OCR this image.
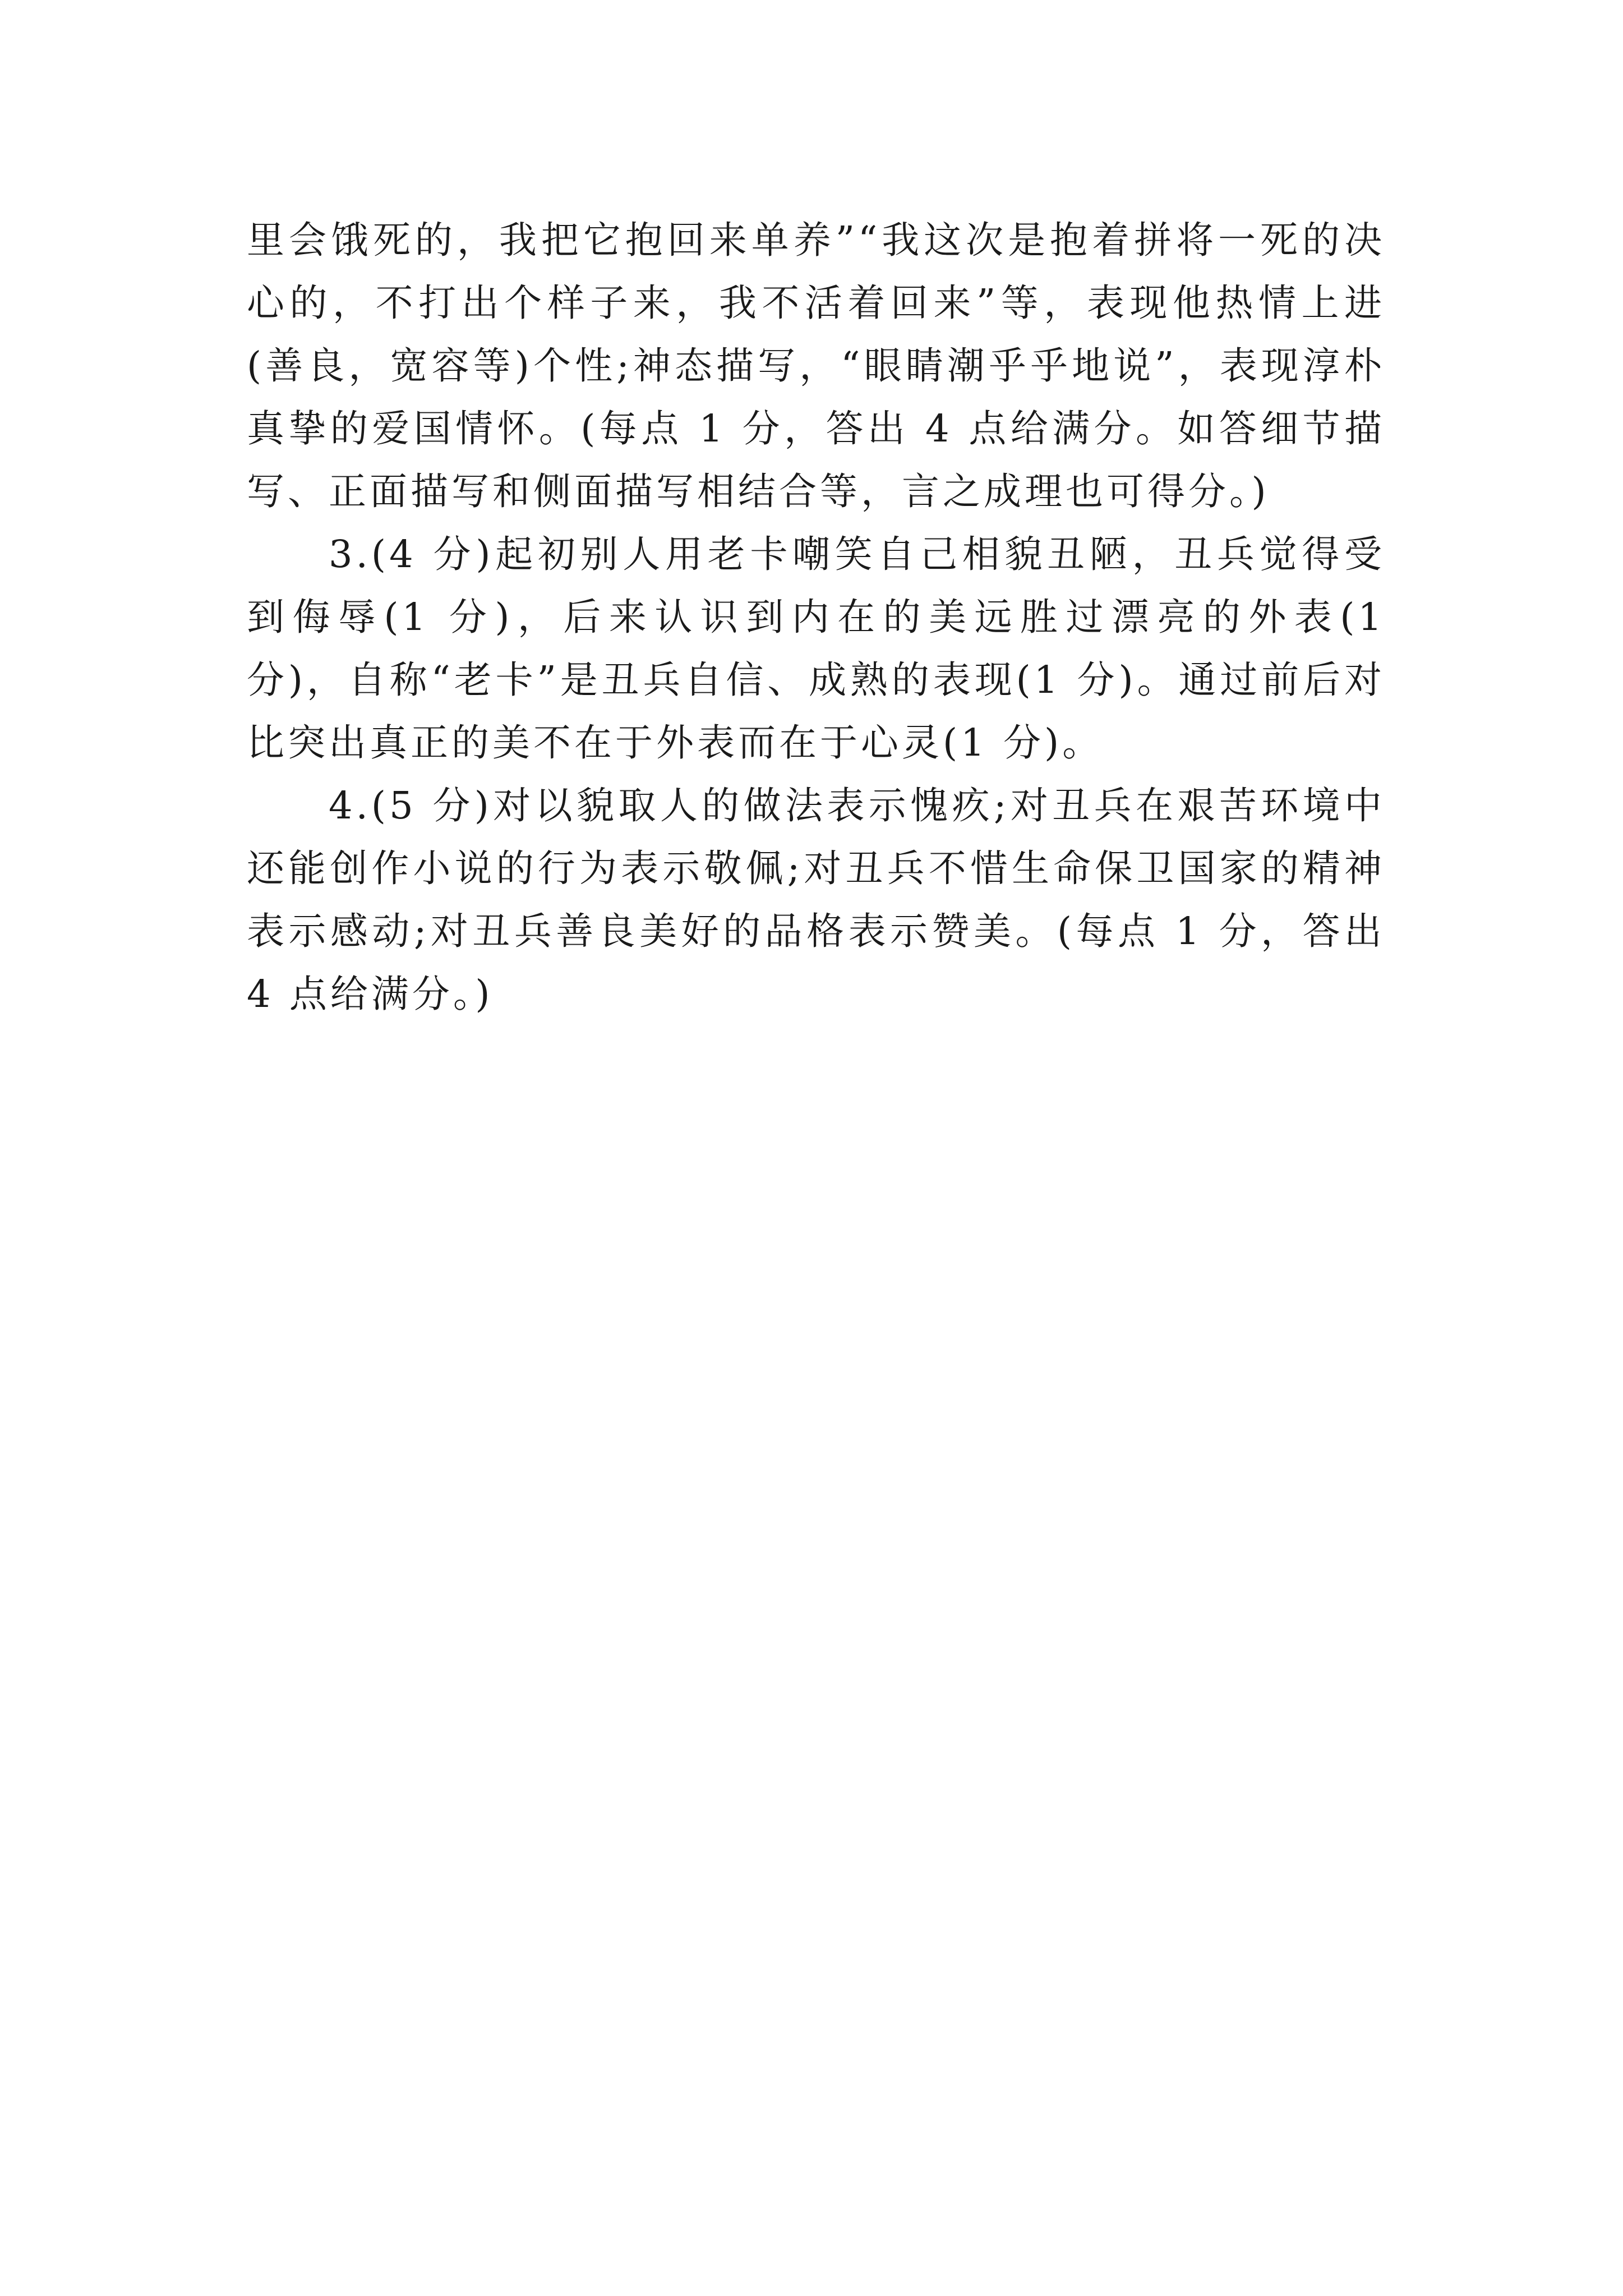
里会饿死的，我把它抱回来单养”“我这次是抱着拼将一死的决心的，不打出个样子来，我不活着回来”等，表现他热情上进(善良，宽容等)个性;神态描写，“眼睛潮乎乎地说”，表现淳朴真挚的爱国情怀。(每点 1 分，答出 4 点给满分。如答细节描写、正面描写和侧面描写相结合等，言之成理也可得分。)

3.(4 分)起初别人用老卡嘲笑自己相貌丑陋，丑兵觉得受到侮辱(1 分)，后来认识到内在的美远胜过漂亮的外表(1 分)，自称“老卡”是丑兵自信、成熟的表现(1 分)。通过前后对比突出真正的美不在于外表而在于心灵(1 分)。

4.(5 分)对以貌取人的做法表示愧疚;对丑兵在艰苦环境中还能创作小说的行为表示敬佩;对丑兵不惜生命保卫国家的精神表示感动;对丑兵善良美好的品格表示赞美。(每点 1 分，答出 4 点给满分。)
